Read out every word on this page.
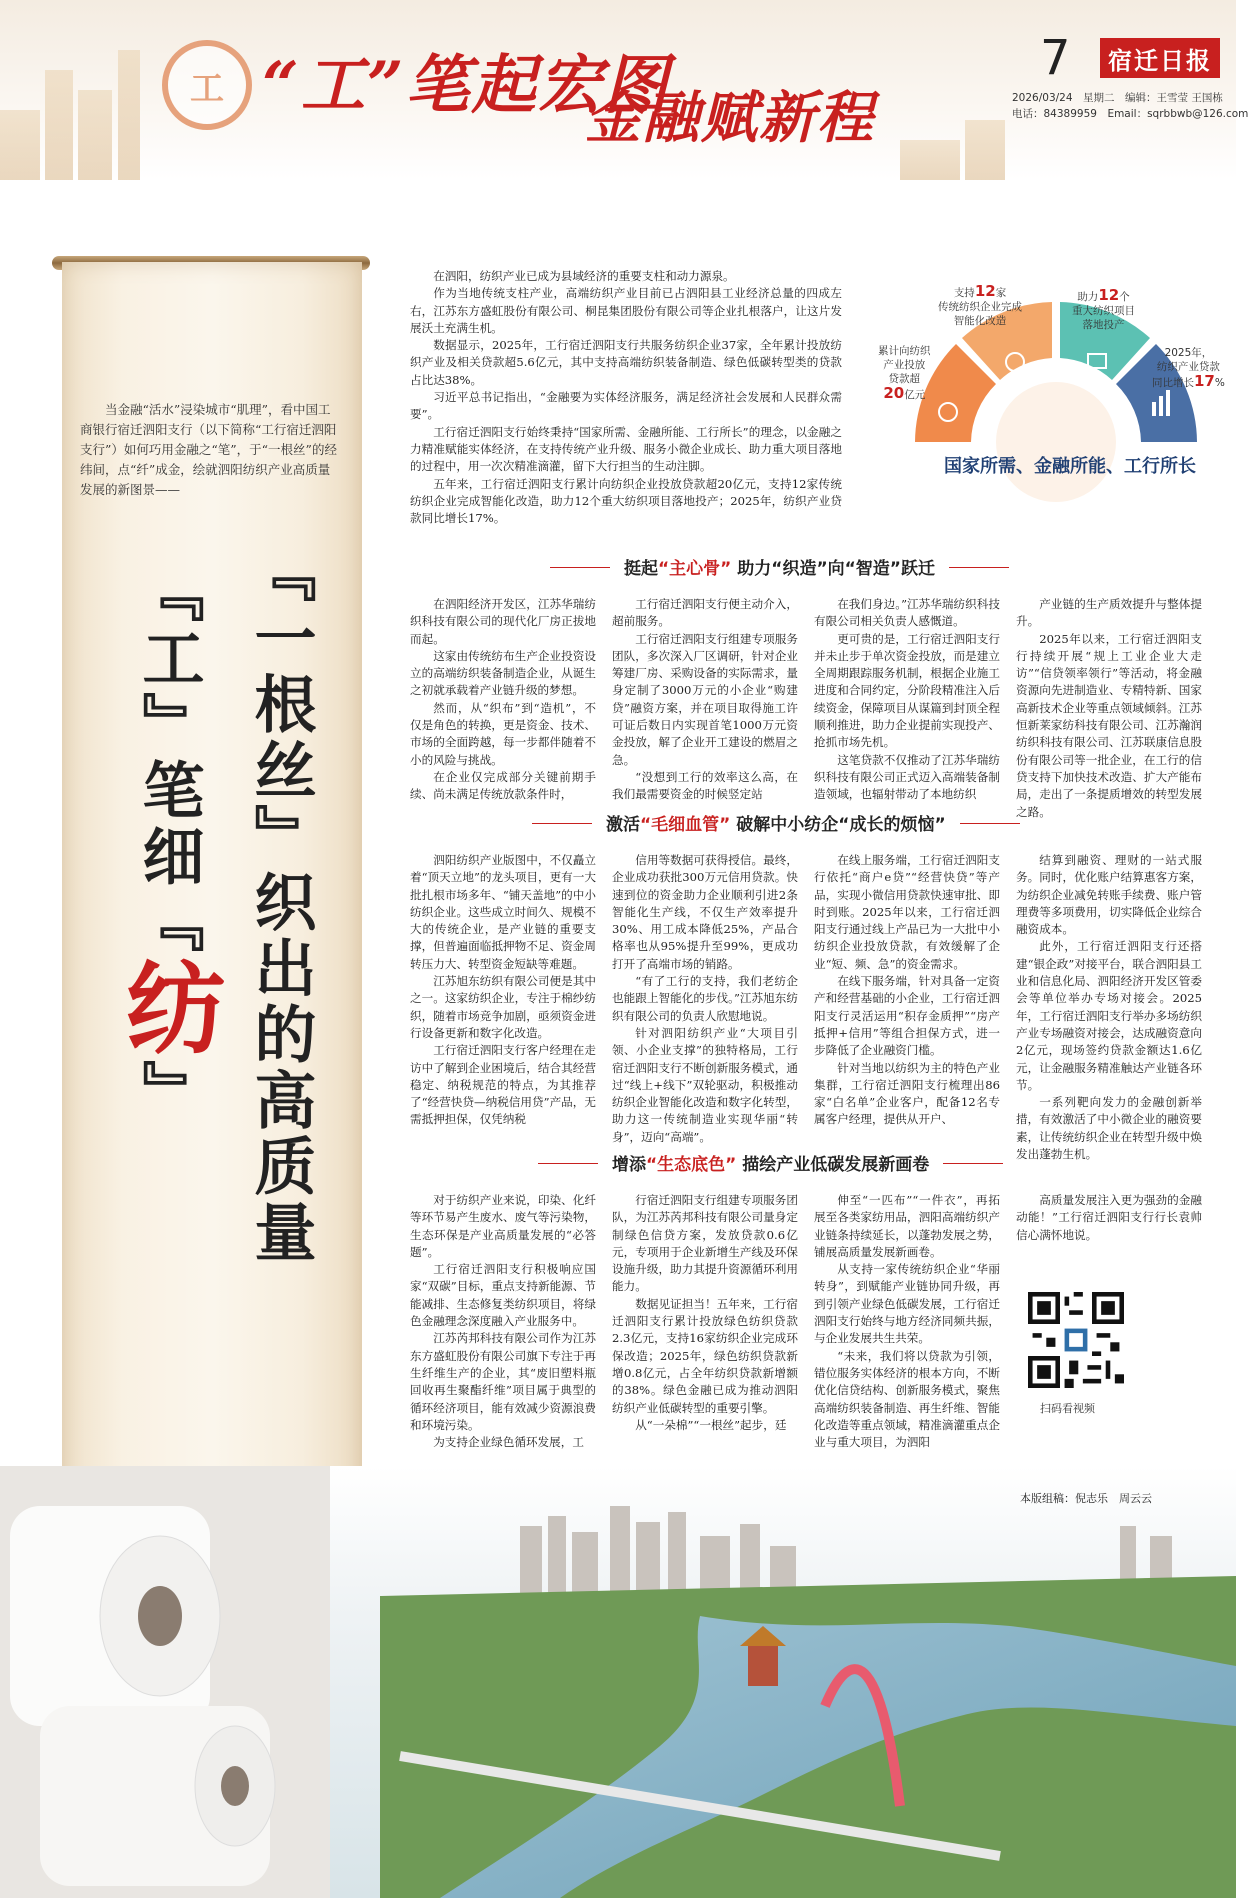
工 “工”笔起宏图
金融赋新程
7	宿迁日报
2026/03/24　星期二　编辑：王雪莹 王国栋
电话：84389959　Email：sqrbbwb@126.com
当金融“活水”浸染城市“肌理”，看中国工商银行宿迁泗阳支行（以下简称“工行宿迁泗阳支行”）如何巧用金融之“笔”，于“一根丝”的经纬间，点“纤”成金，绘就泗阳纺织产业高质量发展的新图景——
『工』笔细『纺』 『一根丝』织出的高质量

在泗阳，纺织产业已成为县域经济的重要支柱和动力源泉。

作为当地传统支柱产业，高端纺织产业目前已占泗阳县工业经济总量的四成左右，江苏东方盛虹股份有限公司、桐昆集团股份有限公司等企业扎根落户，让这片发展沃土充满生机。

数据显示，2025年，工行宿迁泗阳支行共服务纺织企业37家，全年累计投放纺织产业及相关贷款超5.6亿元，其中支持高端纺织装备制造、绿色低碳转型类的贷款占比达38%。

习近平总书记指出，“金融要为实体经济服务，满足经济社会发展和人民群众需要”。

工行宿迁泗阳支行始终秉持“国家所需、金融所能、工行所长”的理念，以金融之力精准赋能实体经济，在支持传统产业升级、服务小微企业成长、助力重大项目落地的过程中，用一次次精准滴灌，留下大行担当的生动注脚。

五年来，工行宿迁泗阳支行累计向纺织企业投放贷款超20亿元，支持12家传统纺织企业完成智能化改造，助力12个重大纺织项目落地投产；2025年，纺织产业贷款同比增长17%。

支持12家
传统纺织企业完成
智能化改造
助力12个
重大纺织项目
落地投产
累计向纺织
产业投放
贷款超
20亿元
2025年，
纺织产业贷款
同比增长17%
国家所需、金融所能、工行所长
挺起“主心骨” 助力“织造”向“智造”跃迁
激活“毛细血管” 破解中小纺企“成长的烦恼”
增添“生态底色” 描绘产业低碳发展新画卷

在泗阳经济开发区，江苏华瑞纺织科技有限公司的现代化厂房正拔地而起。

这家由传统纺布生产企业投资设立的高端纺织装备制造企业，从诞生之初就承载着产业链升级的梦想。

然而，从“织布”到“造机”，不仅是角色的转换，更是资金、技术、市场的全面跨越，每一步都伴随着不小的风险与挑战。

在企业仅完成部分关键前期手续、尚未满足传统放款条件时，

工行宿迁泗阳支行便主动介入，超前服务。

工行宿迁泗阳支行组建专项服务团队，多次深入厂区调研，针对企业筹建厂房、采购设备的实际需求，量身定制了3000万元的小企业“购建贷”融资方案，并在项目取得施工许可证后数日内实现首笔1000万元资金投放，解了企业开工建设的燃眉之急。

“没想到工行的效率这么高，在我们最需要资金的时候竖定站

在我们身边。”江苏华瑞纺织科技有限公司相关负责人感慨道。

更可贵的是，工行宿迁泗阳支行并未止步于单次资金投放，而是建立全周期跟踪服务机制，根据企业施工进度和合同约定，分阶段精准注入后续资金，保障项目从谋篇到封顶全程顺利推进，助力企业提前实现投产、抢抓市场先机。

这笔贷款不仅推动了江苏华瑞纺织科技有限公司正式迈入高端装备制造领域，也辐射带动了本地纺织

产业链的生产质效提升与整体提升。

2025年以来，工行宿迁泗阳支行持续开展“规上工业企业大走访”“信贷领率领行”等活动，将金融资源向先进制造业、专精特新、国家高新技术企业等重点领域倾斜。江苏恒新莱家纺科技有限公司、江苏瀚润纺织科技有限公司、江苏联康信息股份有限公司等一批企业，在工行的信贷支持下加快技术改造、扩大产能布局，走出了一条提质增效的转型发展之路。

泗阳纺织产业版图中，不仅矗立着“顶天立地”的龙头项目，更有一大批扎根市场多年、“铺天盖地”的中小纺织企业。这些成立时间久、规模不大的传统企业，是产业链的重要支撑，但普遍面临抵押物不足、资金周转压力大、转型资金短缺等难题。

江苏旭东纺织有限公司便是其中之一。这家纺织企业，专注于棉纱纺织，随着市场竞争加剧，亟须资金进行设备更新和数字化改造。

工行宿迁泗阳支行客户经理在走访中了解到企业困境后，结合其经营稳定、纳税规范的特点，为其推荐了“经营快贷—纳税信用贷”产品，无需抵押担保，仅凭纳税

信用等数据可获得授信。最终，企业成功获批300万元信用贷款。快速到位的资金助力企业顺利引进2条智能化生产线，不仅生产效率提升30%、用工成本降低25%，产品合格率也从95%提升至99%，更成功打开了高端市场的销路。

“有了工行的支持，我们老纺企也能跟上智能化的步伐。”江苏旭东纺织有限公司的负责人欣慰地说。

针对泗阳纺织产业“大项目引领、小企业支撑”的独特格局，工行宿迁泗阳支行不断创新服务模式，通过“线上+线下”双轮驱动，积极推动纺织企业智能化改造和数字化转型，助力这一传统制造业实现华丽“转身”，迈向“高端”。

在线上服务端，工行宿迁泗阳支行依托“商户e贷”“经营快贷”等产品，实现小微信用贷款快速审批、即时到账。2025年以来，工行宿迁泗阳支行通过线上产品已为一大批中小纺织企业投放贷款，有效缓解了企业“短、频、急”的资金需求。

在线下服务端，针对具备一定资产和经营基础的小企业，工行宿迁泗阳支行灵活运用“积存金质押”“房产抵押+信用”等组合担保方式，进一步降低了企业融资门槛。

针对当地以纺织为主的特色产业集群，工行宿迁泗阳支行梳理出86家“白名单”企业客户，配备12名专属客户经理，提供从开户、

结算到融资、理财的一站式服务。同时，优化账户结算惠客方案，为纺织企业减免转账手续费、账户管理费等多项费用，切实降低企业综合融资成本。

此外，工行宿迁泗阳支行还搭建“银企政”对接平台，联合泗阳县工业和信息化局、泗阳经济开发区管委会等单位举办专场对接会。2025年，工行宿迁泗阳支行举办多场纺织产业专场融资对接会，达成融资意向2亿元，现场签约贷款金额达1.6亿元，让金融服务精准触达产业链各环节。

一系列靶向发力的金融创新举措，有效激活了中小微企业的融资要素，让传统纺织企业在转型升级中焕发出蓬勃生机。

对于纺织产业来说，印染、化纤等环节易产生废水、废气等污染物，生态环保是产业高质量发展的“必答题”。

工行宿迁泗阳支行积极响应国家“双碳”目标，重点支持新能源、节能减排、生态修复类纺织项目，将绿色金融理念深度融入产业服务中。

江苏芮邦科技有限公司作为江苏东方盛虹股份有限公司旗下专注于再生纤维生产的企业，其“废旧塑料瓶回收再生聚酯纤维”项目属于典型的循环经济项目，能有效减少资源浪费和环境污染。

为支持企业绿色循环发展，工

行宿迁泗阳支行组建专项服务团队，为江苏芮邦科技有限公司量身定制绿色信贷方案，发放贷款0.6亿元，专项用于企业新增生产线及环保设施升级，助力其提升资源循环利用能力。

数据见证担当！五年来，工行宿迁泗阳支行累计投放绿色纺织贷款2.3亿元，支持16家纺织企业完成环保改造；2025年，绿色纺织贷款新增0.8亿元，占全年纺织贷款新增额的38%。绿色金融已成为推动泗阳纺织产业低碳转型的重要引擎。

从“一朵棉”“一根丝”起步，廷

伸至“一匹布”“一件衣”，再拓展至各类家纺用品，泗阳高端纺织产业链条持续延长，以蓬勃发展之势，铺展高质量发展新画卷。

从支持一家传统纺织企业“华丽转身”，到赋能产业链协同升级，再到引领产业绿色低碳发展，工行宿迁泗阳支行始终与地方经济同频共振，与企业发展共生共荣。

“未来，我们将以贷款为引领，错位服务实体经济的根本方向，不断优化信贷结构、创新服务模式，聚焦高端纺织装备制造、再生纤维、智能化改造等重点领域，精准滴灌重点企业与重大项目，为泗阳

高质量发展注入更为强劲的金融动能！”工行宿迁泗阳支行行长袁帅信心满怀地说。

扫码看视频
本版组稿：倪志乐　周云云
